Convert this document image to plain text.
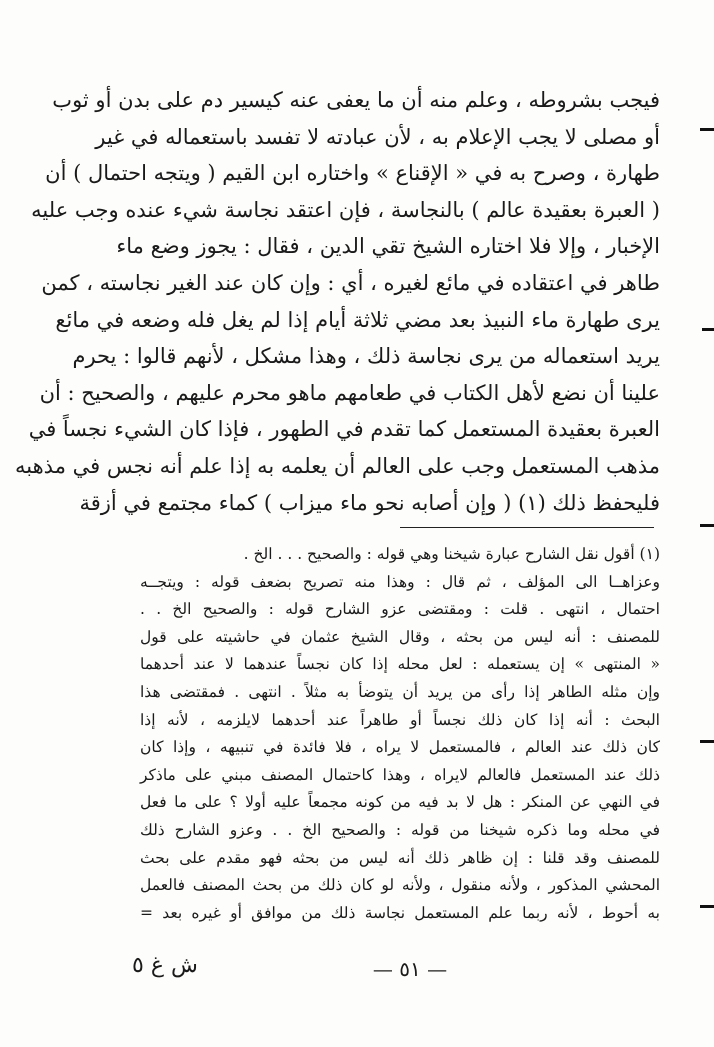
فيجب بشروطه ، وعلم منه أن ما يعفى عنه كيسير دم على بدن أو ثوب
أو مصلى لا يجب الإعلام به ، لأن عبادته لا تفسد باستعماله في غير
طهارة ، وصرح به في « الإقناع » واختاره ابن القيم ( ويتجه احتمال ) أن
( العبرة بعقيدة عالم ) بالنجاسة ، فإن اعتقد نجاسة شيء عنده وجب عليه
الإخبار ، وإلا فلا اختاره الشيخ تقي الدين ، فقال : يجوز وضع ماء
طاهر في اعتقاده في مائع لغيره ، أي : وإن كان عند الغير نجاسته ، كمن
يرى طهارة ماء النبيذ بعد مضي ثلاثة أيام إذا لم يغل فله وضعه في مائع
يريد استعماله من يرى نجاسة ذلك ، وهذا مشكل ، لأنهم قالوا : يحرم
علينا أن نضع لأهل الكتاب في طعامهم ماهو محرم عليهم ، والصحيح : أن
العبرة بعقيدة المستعمل كما تقدم في الطهور ، فإذا كان الشيء نجساً في
مذهب المستعمل وجب على العالم أن يعلمه به إذا علم أنه نجس في مذهبه
فليحفظ ذلك (١) ( وإن أصابه نحو ماء ميزاب ) كماء مجتمع في أزقة
(١) أقول نقل الشارح عبارة شيخنا وهي قوله : والصحيح . . . الخ .
وعزاهــا الى المؤلف ، ثم قال : وهذا منه تصريح بضعف قوله : ويتجــه
احتمال ، انتهى . قلت : ومقتضى عزو الشارح قوله : والصحيح الخ . .
للمصنف : أنه ليس من بحثه ، وقال الشيخ عثمان في حاشيته على قول
« المنتهى » إن يستعمله : لعل محله إذا كان نجساً عندهما لا عند أحدهما
وإن مثله الطاهر إذا رأى من يريد أن يتوضأ به مثلاً . انتهى . فمقتضى هذا
البحث : أنه إذا كان ذلك نجساً أو طاهراً عند أحدهما لايلزمه ، لأنه إذا
كان ذلك عند العالم ، فالمستعمل لا يراه ، فلا فائدة في تنبيهه ، وإذا كان
ذلك عند المستعمل فالعالم لايراه ، وهذا كاحتمال المصنف مبني على ماذكر
في النهي عن المنكر : هل لا بد فيه من كونه مجمعاً عليه أولا ؟ على ما فعل
في محله وما ذكره شيخنا من قوله : والصحيح الخ . . وعزو الشارح ذلك
للمصنف وقد قلنا : إن ظاهر ذلك أنه ليس من بحثه فهو مقدم على بحث
المحشي المذكور ، ولأنه منقول ، ولأنه لو كان ذلك من بحث المصنف فالعمل
به أحوط ، لأنه ربما علم المستعمل نجاسة ذلك من موافق أو غيره بعد =
— ٥١ —
ش غ ٥
